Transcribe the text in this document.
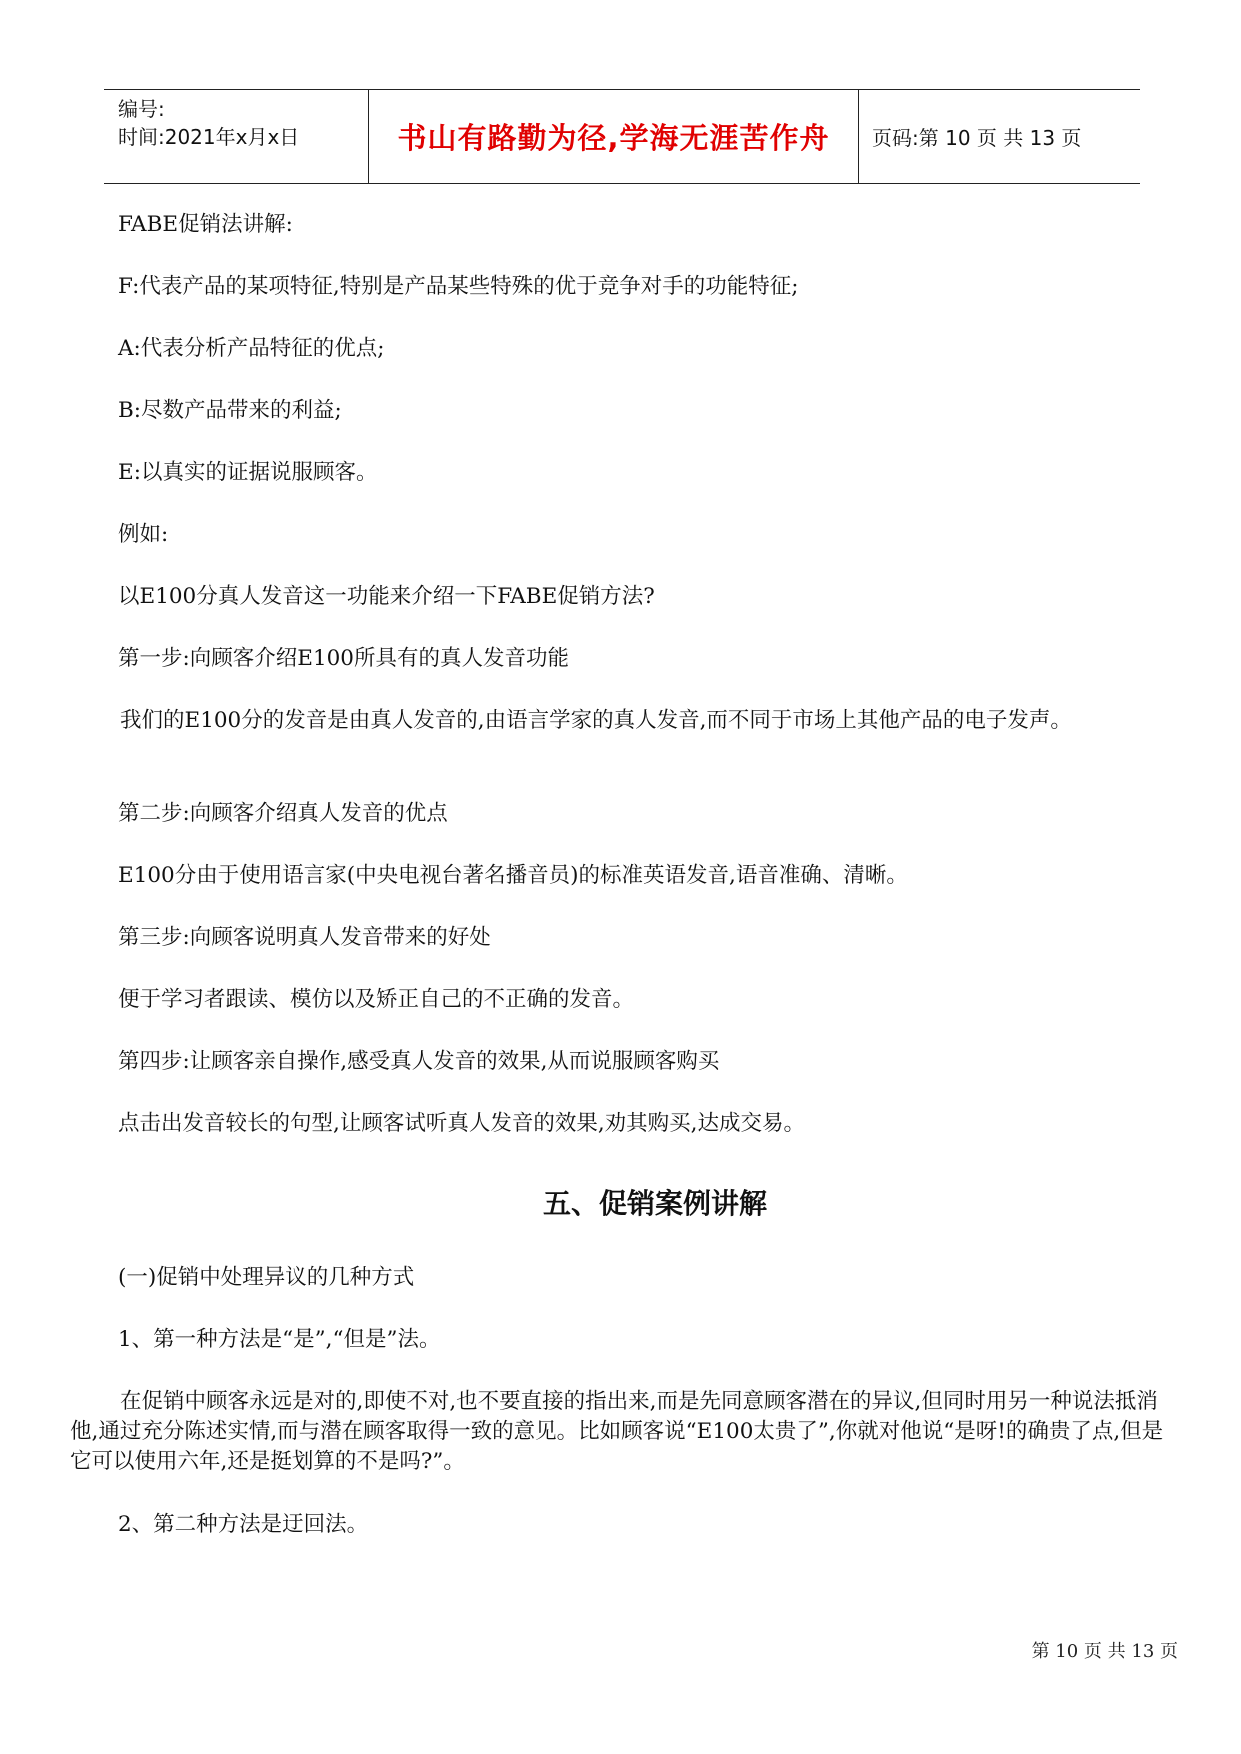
编号:
时间:2021年x月x日	书山有路勤为径,学海无涯苦作舟 页码:第 10 页 共 13 页
FABE促销法讲解:
F:代表产品的某项特征,特别是产品某些特殊的优于竞争对手的功能特征;
A:代表分析产品特征的优点;
B:尽数产品带来的利益;
E:以真实的证据说服顾客。
例如:
以E100分真人发音这一功能来介绍一下FABE促销方法?
第一步:向顾客介绍E100所具有的真人发音功能
我们的E100分的发音是由真人发音的,由语言学家的真人发音,而不同于市场上其他产品的电子发声。
第二步:向顾客介绍真人发音的优点
E100分由于使用语言家(中央电视台著名播音员)的标准英语发音,语音准确、清晰。
第三步:向顾客说明真人发音带来的好处
便于学习者跟读、模仿以及矫正自己的不正确的发音。
第四步:让顾客亲自操作,感受真人发音的效果,从而说服顾客购买
点击出发音较长的句型,让顾客试听真人发音的效果,劝其购买,达成交易。
五、促销案例讲解
(一)促销中处理异议的几种方式
1、第一种方法是“是”,“但是”法。
在促销中顾客永远是对的,即使不对,也不要直接的指出来,而是先同意顾客潜在的异议,但同时用另一种说法抵消他,通过充分陈述实情,而与潜在顾客取得一致的意见。比如顾客说“E100太贵了”,你就对他说“是呀!的确贵了点,但是它可以使用六年,还是挺划算的不是吗?”。
2、第二种方法是迂回法。
第 10 页 共 13 页
